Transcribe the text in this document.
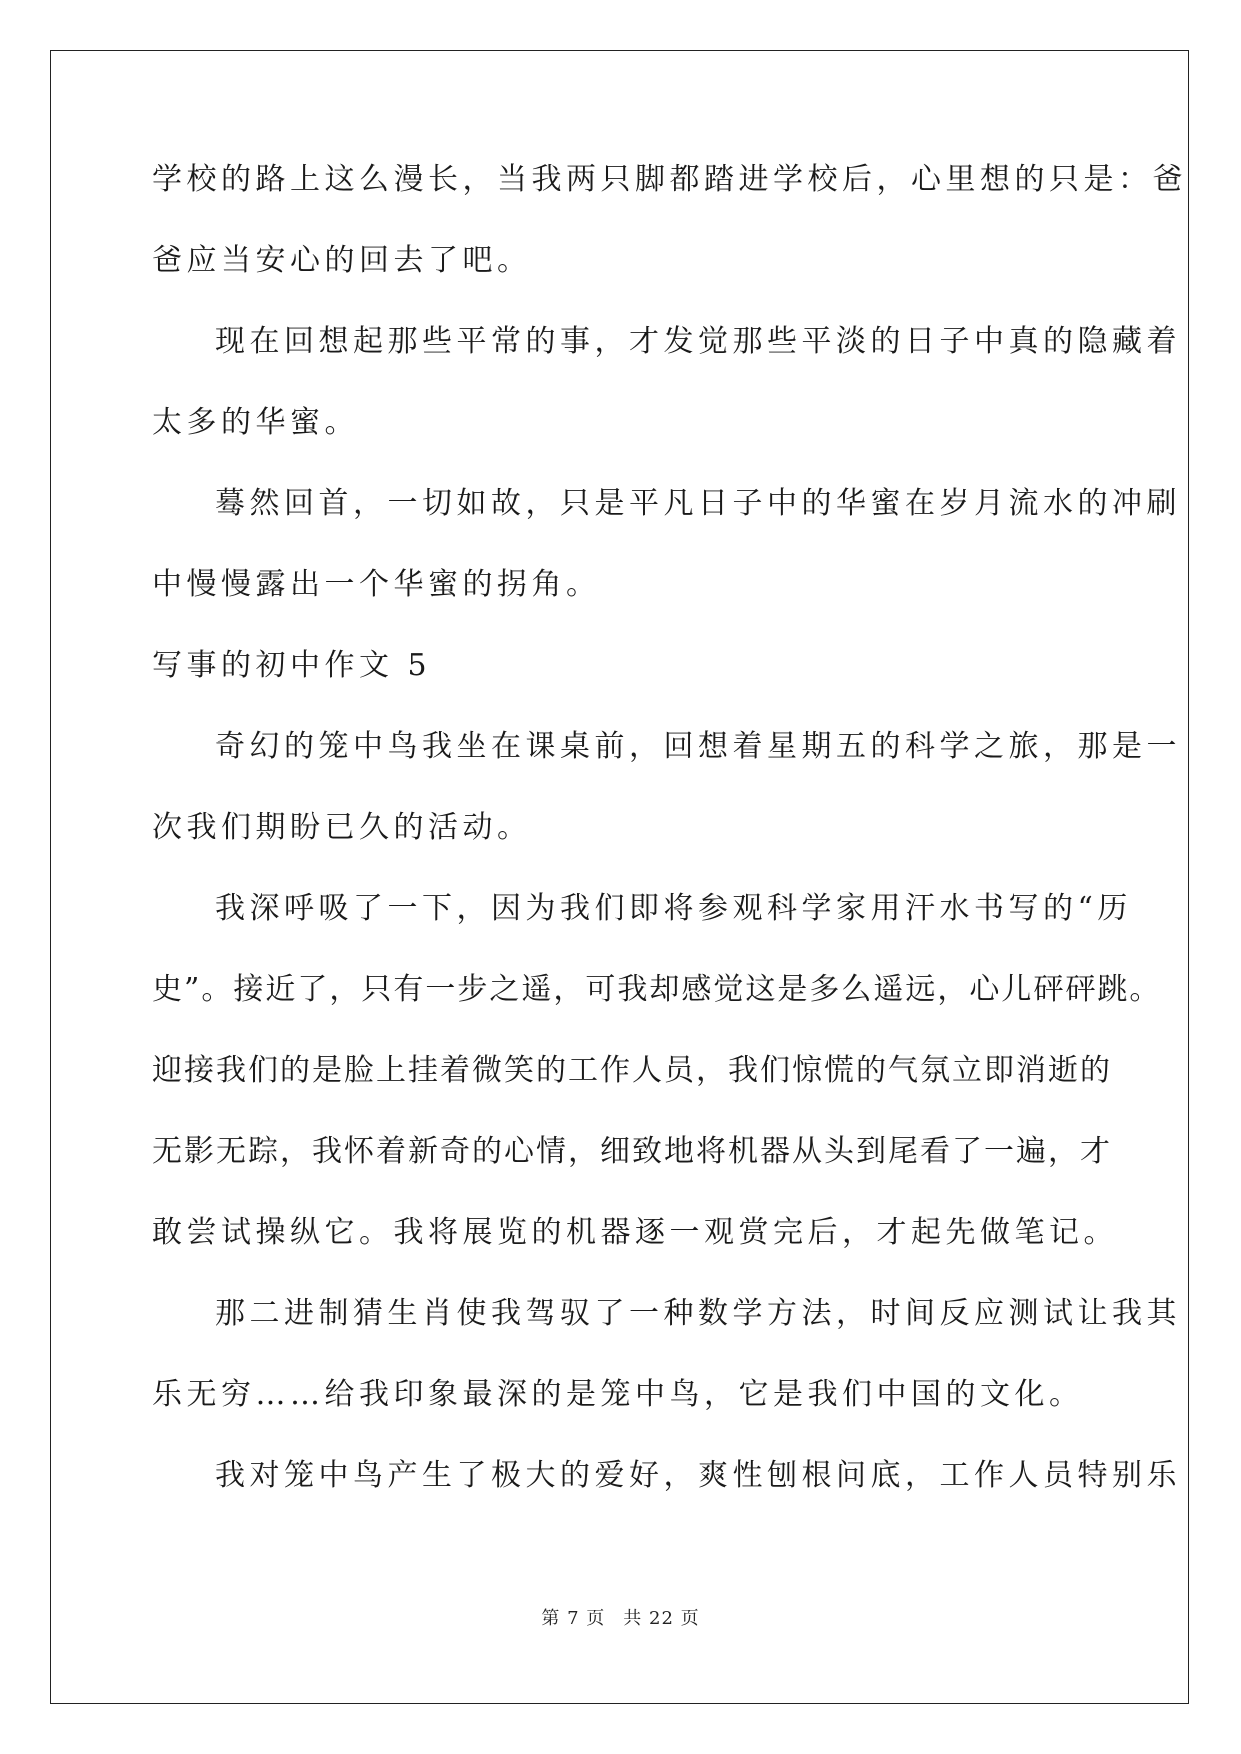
学校的路上这么漫长，当我两只脚都踏进学校后，心里想的只是：爸
爸应当安心的回去了吧。
现在回想起那些平常的事，才发觉那些平淡的日子中真的隐藏着
太多的华蜜。
蓦然回首，一切如故，只是平凡日子中的华蜜在岁月流水的冲刷
中慢慢露出一个华蜜的拐角。
写事的初中作文 5
奇幻的笼中鸟我坐在课桌前，回想着星期五的科学之旅，那是一
次我们期盼已久的活动。
我深呼吸了一下，因为我们即将参观科学家用汗水书写的“历
史”。接近了，只有一步之遥，可我却感觉这是多么遥远，心儿砰砰跳。
迎接我们的是脸上挂着微笑的工作人员，我们惊慌的气氛立即消逝的
无影无踪，我怀着新奇的心情，细致地将机器从头到尾看了一遍，才
敢尝试操纵它。我将展览的机器逐一观赏完后，才起先做笔记。
那二进制猜生肖使我驾驭了一种数学方法，时间反应测试让我其
乐无穷……给我印象最深的是笼中鸟，它是我们中国的文化。
我对笼中鸟产生了极大的爱好，爽性刨根问底，工作人员特别乐
第 7 页 共 22 页
